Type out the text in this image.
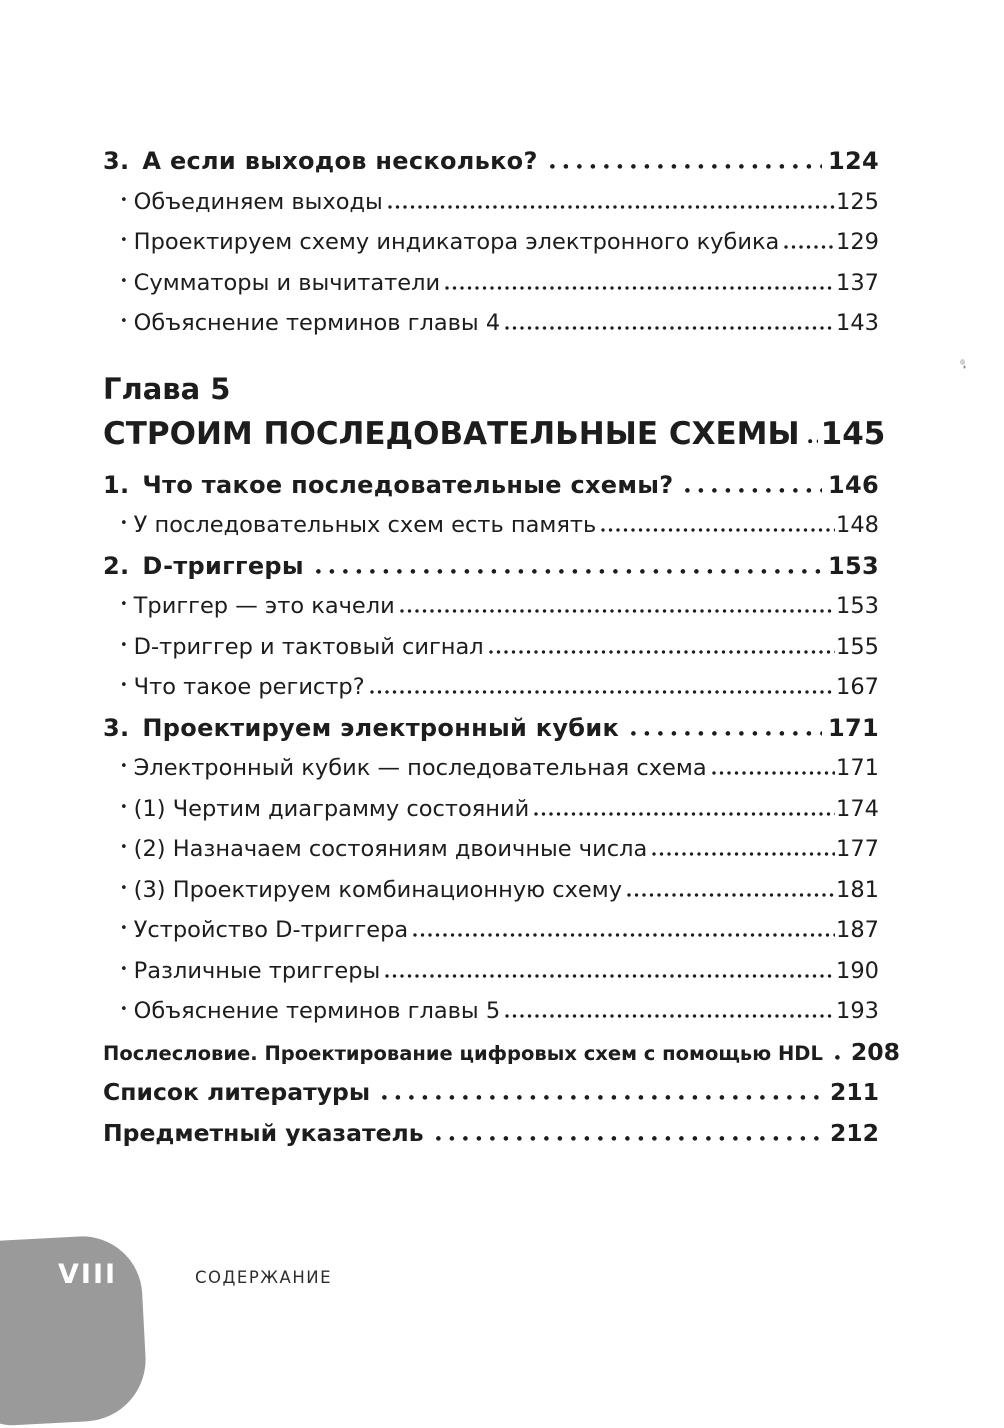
3. А если выходов несколько?	124
• Объединяем выходы	125
• Проектируем схему индикатора электронного кубика	129
• Сумматоры и вычитатели	137
• Объяснение терминов главы 4	143
Глава 5
СТРОИМ ПОСЛЕДОВАТЕЛЬНЫЕ СХЕМЫ 145
1. Что такое последовательные схемы?	146
• У последовательных схем есть память	148
2. D-триггеры	153
• Триггер — это качели	153
• D-триггер и тактовый сигнал	155
• Что такое регистр?	167
3. Проектируем электронный кубик	171
• Электронный кубик — последовательная схема	171
• (1) Чертим диаграмму состояний	174
• (2) Назначаем состояниям двоичные числа	177
• (3) Проектируем комбинационную схему	181
• Устройство D-триггера	187
• Различные триггеры	190
• Объяснение терминов главы 5	193
Послесловие. Проектирование цифровых схем с помощью HDL 208
Список литературы	211
Предметный указатель	212
VIII	СОДЕРЖАНИЕ
